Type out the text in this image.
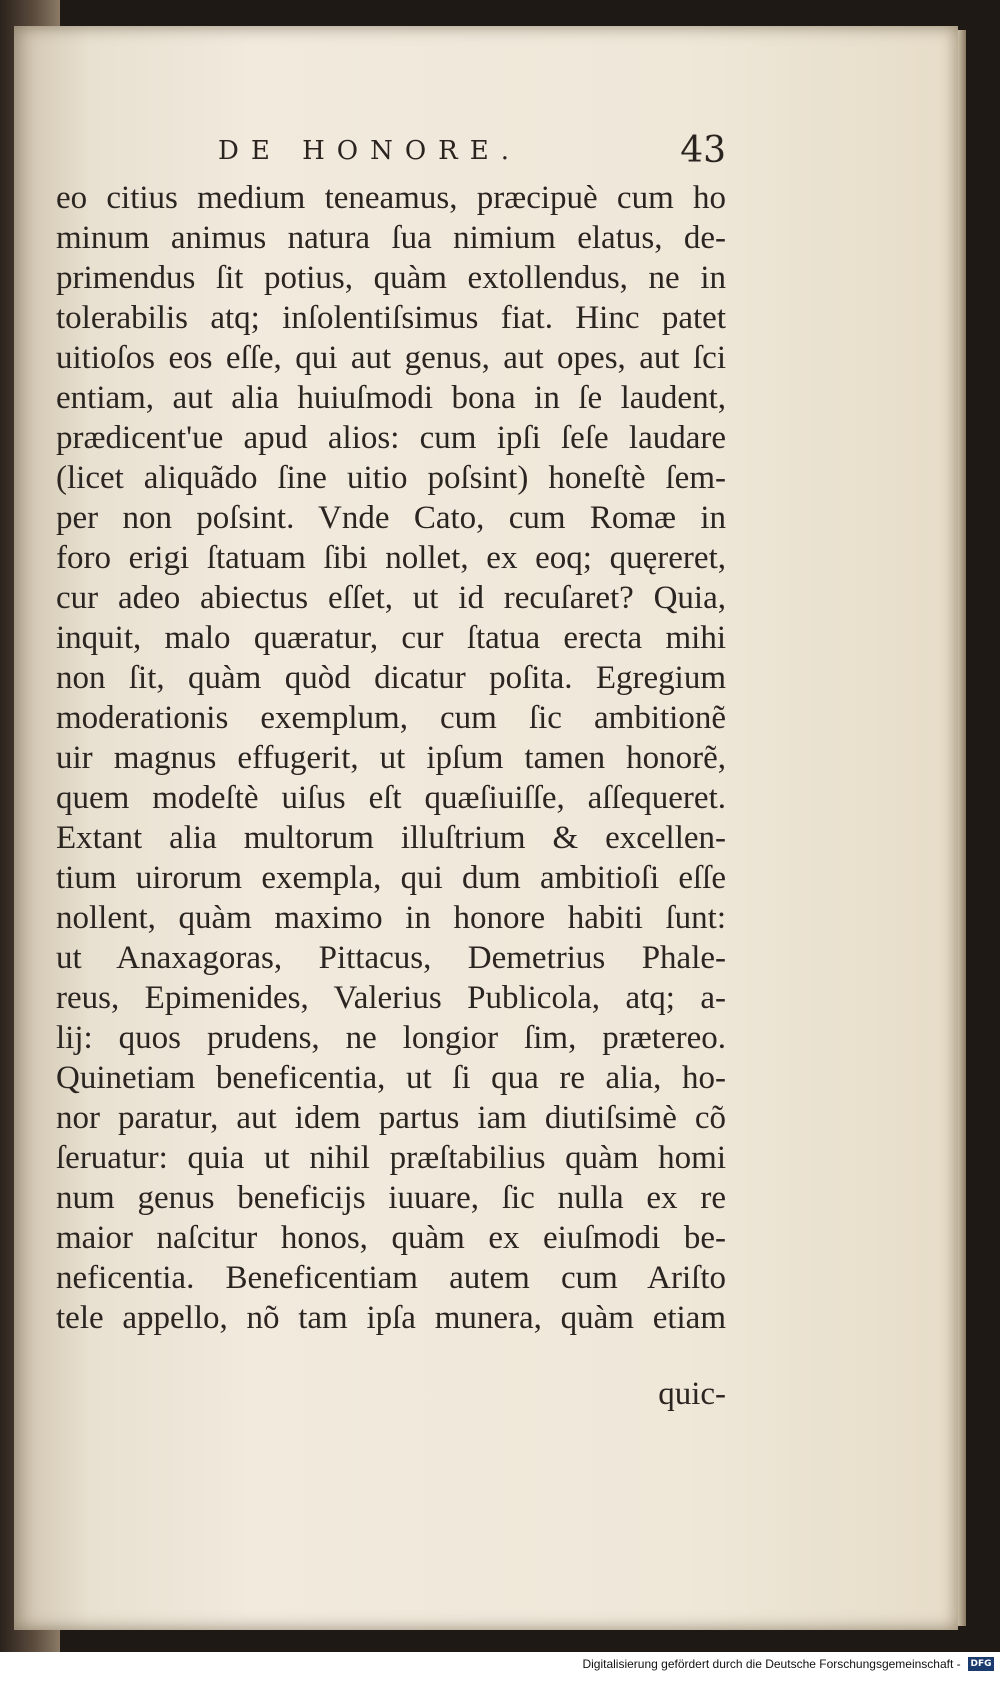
DE HONORE.	43
eo citius medium teneamus, præcipuè cum ho
minum animus natura ſua nimium elatus, de-
primendus ſit potius, quàm extollendus, ne in
tolerabilis atq; inſolentiſsimus fiat. Hinc patet
uitioſos eos eſſe, qui aut genus, aut opes, aut ſci
entiam, aut alia huiuſmodi bona in ſe laudent,
prædicent'ue apud alios: cum ipſi ſeſe laudare
(licet aliquãdo ſine uitio poſsint) honeſtè ſem-
per non poſsint. Vnde Cato, cum Romæ in
foro erigi ſtatuam ſibi nollet, ex eoq; quęreret,
cur adeo abiectus eſſet, ut id recuſaret? Quia,
inquit, malo quæratur, cur ſtatua erecta mihi
non ſit, quàm quòd dicatur poſita. Egregium
moderationis exemplum, cum ſic ambitionẽ
uir magnus effugerit, ut ipſum tamen honorẽ,
quem modeſtè uiſus eſt quæſiuiſſe, aſſequeret.
Extant alia multorum illuſtrium & excellen-
tium uirorum exempla, qui dum ambitioſi eſſe
nollent, quàm maximo in honore habiti ſunt:
ut Anaxagoras, Pittacus, Demetrius Phale-
reus, Epimenides, Valerius Publicola, atq; a-
lij: quos prudens, ne longior ſim, prætereo.
Quinetiam beneficentia, ut ſi qua re alia, ho-
nor paratur, aut idem partus iam diutiſsimè cõ
ſeruatur: quia ut nihil præſtabilius quàm homi
num genus beneficijs iuuare, ſic nulla ex re
maior naſcitur honos, quàm ex eiuſmodi be-
neficentia. Beneficentiam autem cum Ariſto
tele appello, nõ tam ipſa munera, quàm etiam
quic-
Digitalisierung gefördert durch die Deutsche Forschungsgemeinschaft - DFG
